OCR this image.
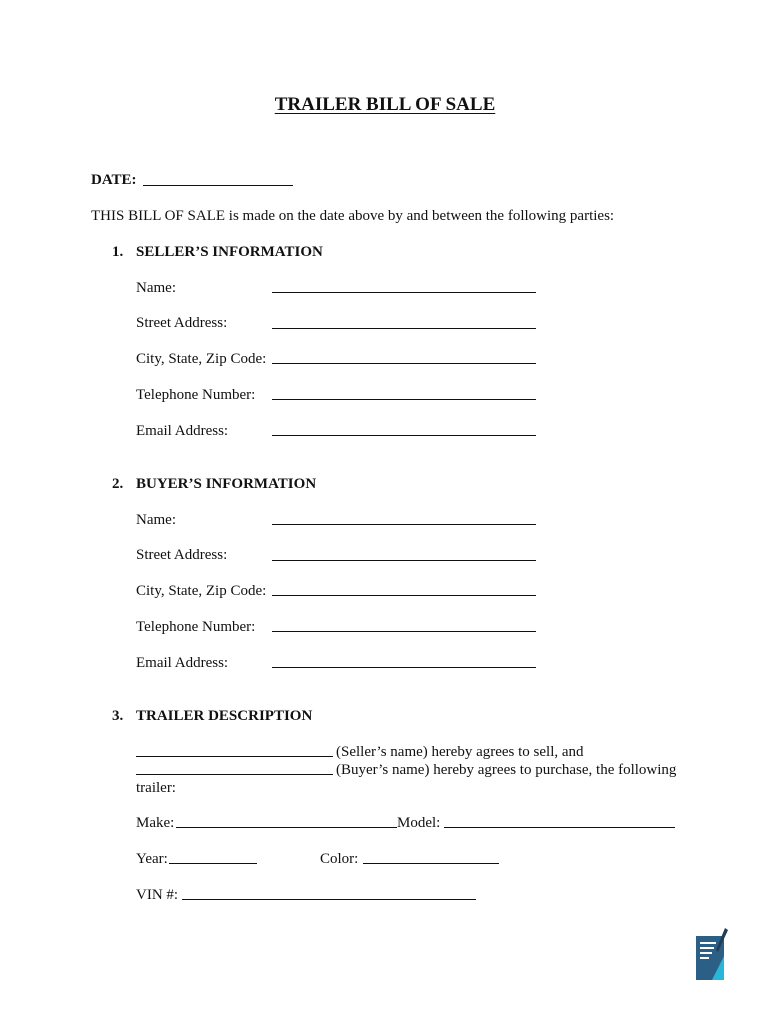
TRAILER BILL OF SALE
DATE:
THIS BILL OF SALE is made on the date above by and between the following parties:
1. SELLER’S INFORMATION
Name:
Street Address:
City, State, Zip Code:
Telephone Number:
Email Address:
2. BUYER’S INFORMATION
Name:
Street Address:
City, State, Zip Code:
Telephone Number:
Email Address:
3. TRAILER DESCRIPTION
(Seller’s name) hereby agrees to sell, and
(Buyer’s name) hereby agrees to purchase, the following
trailer:
Make:	Model:
Year:	Color:
VIN #:
